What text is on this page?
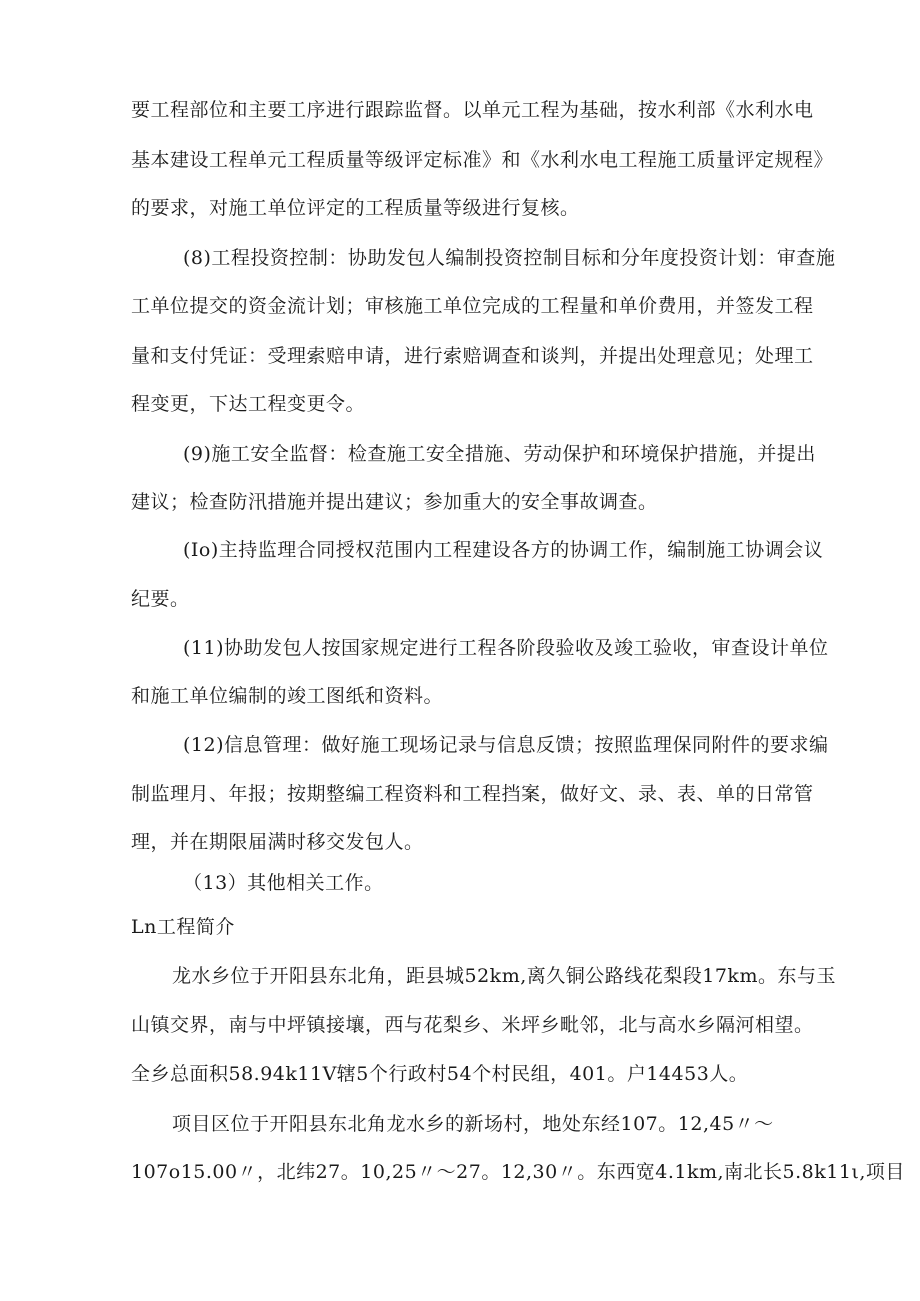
要工程部位和主要工序进行跟踪监督。以单元工程为基础，按水利部《水利水电
基本建设工程单元工程质量等级评定标准》和《水利水电工程施工质量评定规程》
的要求，对施工单位评定的工程质量等级进行复核。
(8)工程投资控制：协助发包人编制投资控制目标和分年度投资计划：审查施
工单位提交的资金流计划；审核施工单位完成的工程量和单价费用，并签发工程
量和支付凭证：受理索赔申请，进行索赔调查和谈判，并提出处理意见；处理工
程变更，下达工程变更令。
(9)施工安全监督：检查施工安全措施、劳动保护和环境保护措施，并提出
建议；检查防汛措施并提出建议；参加重大的安全事故调查。
(Io)主持监理合同授权范围内工程建设各方的协调工作，编制施工协调会议
纪要。
(11)协助发包人按国家规定进行工程各阶段验收及竣工验收，审查设计单位
和施工单位编制的竣工图纸和资料。
(12)信息管理：做好施工现场记录与信息反馈；按照监理保同附件的要求编
制监理月、年报；按期整编工程资料和工程挡案，做好文、录、表、单的日常管
理，并在期限届满时移交发包人。
（13）其他相关工作。
Ln工程简介
龙水乡位于开阳县东北角，距县城52km,离久铜公路线花梨段17km。东与玉
山镇交界，南与中坪镇接壤，西与花梨乡、米坪乡毗邻，北与高水乡隔河相望。
全乡总面积58.94k11V辖5个行政村54个村民组，401。户14453人。
项目区位于开阳县东北角龙水乡的新场村，地处东经107。12,45〃〜
107o15.00〃，北纬27。10,25〃〜27。12,30〃。东西宽4.1km,南北长5.8k11ι,项目
